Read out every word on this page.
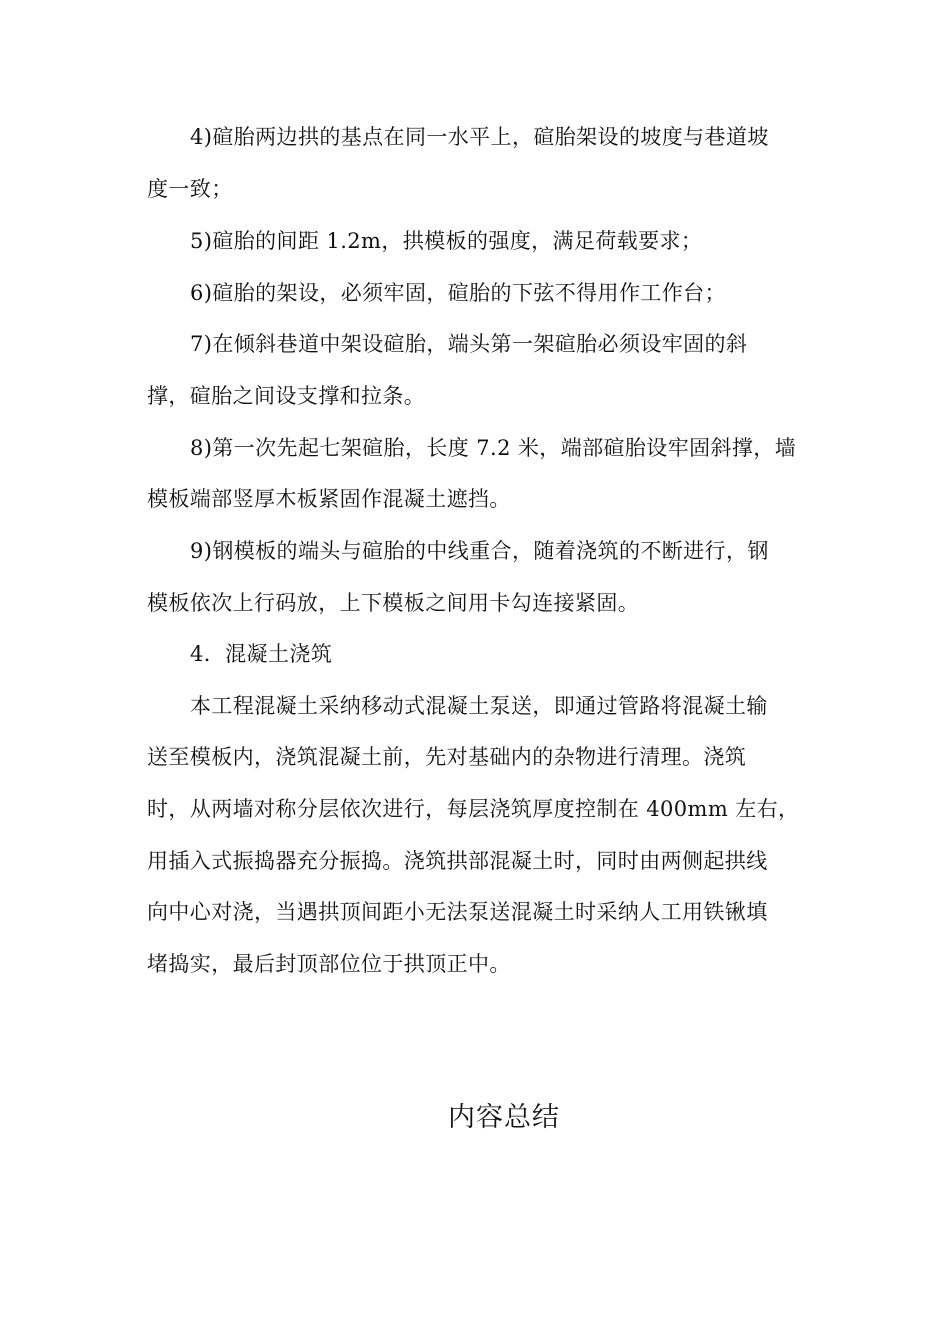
4)碹胎两边拱的基点在同一水平上，碹胎架设的坡度与巷道坡
度一致；
5)碹胎的间距 1.2m，拱模板的强度，满足荷载要求；
6)碹胎的架设，必须牢固，碹胎的下弦不得用作工作台；
7)在倾斜巷道中架设碹胎，端头第一架碹胎必须设牢固的斜
撑，碹胎之间设支撑和拉条。
8)第一次先起七架碹胎，长度 7.2 米，端部碹胎设牢固斜撑，墙
模板端部竖厚木板紧固作混凝土遮挡。
9)钢模板的端头与碹胎的中线重合，随着浇筑的不断进行，钢
模板依次上行码放，上下模板之间用卡勾连接紧固。
4．混凝土浇筑
本工程混凝土采纳移动式混凝土泵送，即通过管路将混凝土输
送至模板内，浇筑混凝土前，先对基础内的杂物进行清理。浇筑
时，从两墙对称分层依次进行，每层浇筑厚度控制在 400mm 左右，
用插入式振捣器充分振捣。浇筑拱部混凝土时，同时由两侧起拱线
向中心对浇，当遇拱顶间距小无法泵送混凝土时采纳人工用铁锹填
堵捣实，最后封顶部位位于拱顶正中。
内容总结
